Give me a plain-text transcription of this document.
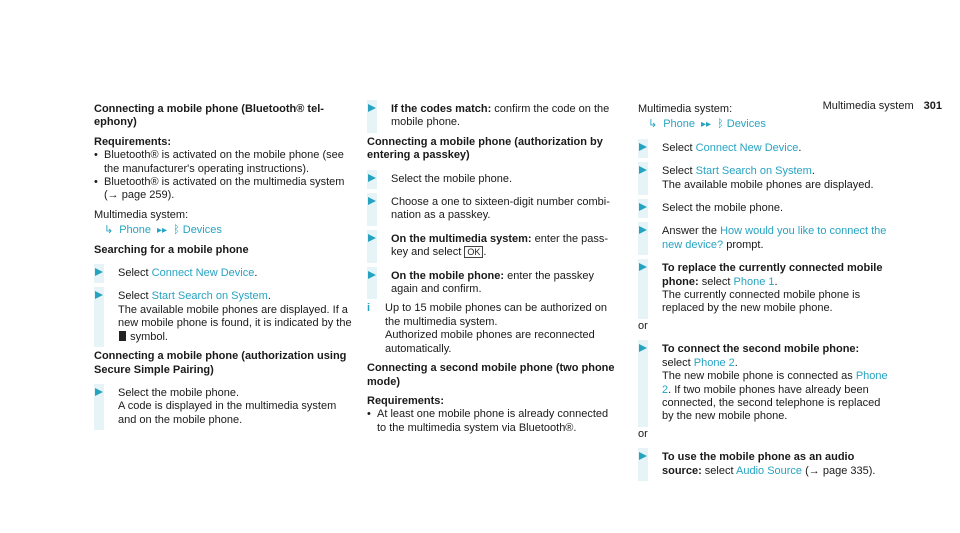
Multimedia system 301

Connecting a mobile phone (Bluetooth® telephony)

Requirements:

• Bluetooth® is activated on the mobile phone (see the manufacturer's operating instructions).

• Bluetooth® is activated on the multimedia system (→ page 259).

Multimedia system:

↳ Phone ▸▸ ᛒ Devices

Searching for a mobile phone

Select Connect New Device.
Select Start Search on System.
The available mobile phones are displayed. If a new mobile phone is found, it is indicated by the  symbol.

Connecting a mobile phone (authorization using Secure Simple Pairing)

Select the mobile phone.
A code is displayed in the multimedia system and on the mobile phone.
If the codes match: confirm the code on the mobile phone.

Connecting a mobile phone (authorization by entering a passkey)

Select the mobile phone.
Choose a one to sixteen-digit number combination as a passkey.
On the multimedia system: enter the passkey and select OK .
On the mobile phone: enter the passkey again and confirm.
i Up to 15 mobile phones can be authorized on the multimedia system.
Authorized mobile phones are reconnected automatically.

Connecting a second mobile phone (two phone mode)

Requirements:

• At least one mobile phone is already connected to the multimedia system via Bluetooth®.

Multimedia system:

↳ Phone ▸▸ ᛒ Devices
Select Connect New Device.
Select Start Search on System.
The available mobile phones are displayed.
Select the mobile phone.
Answer the How would you like to connect the new device? prompt.
To replace the currently connected mobile phone: select Phone 1.
The currently connected mobile phone is replaced by the new mobile phone.

or

To connect the second mobile phone: select Phone 2.
The new mobile phone is connected as Phone 2. If two mobile phones have already been connected, the second telephone is replaced by the new mobile phone.

or

To use the mobile phone as an audio source: select Audio Source (→ page 335).
